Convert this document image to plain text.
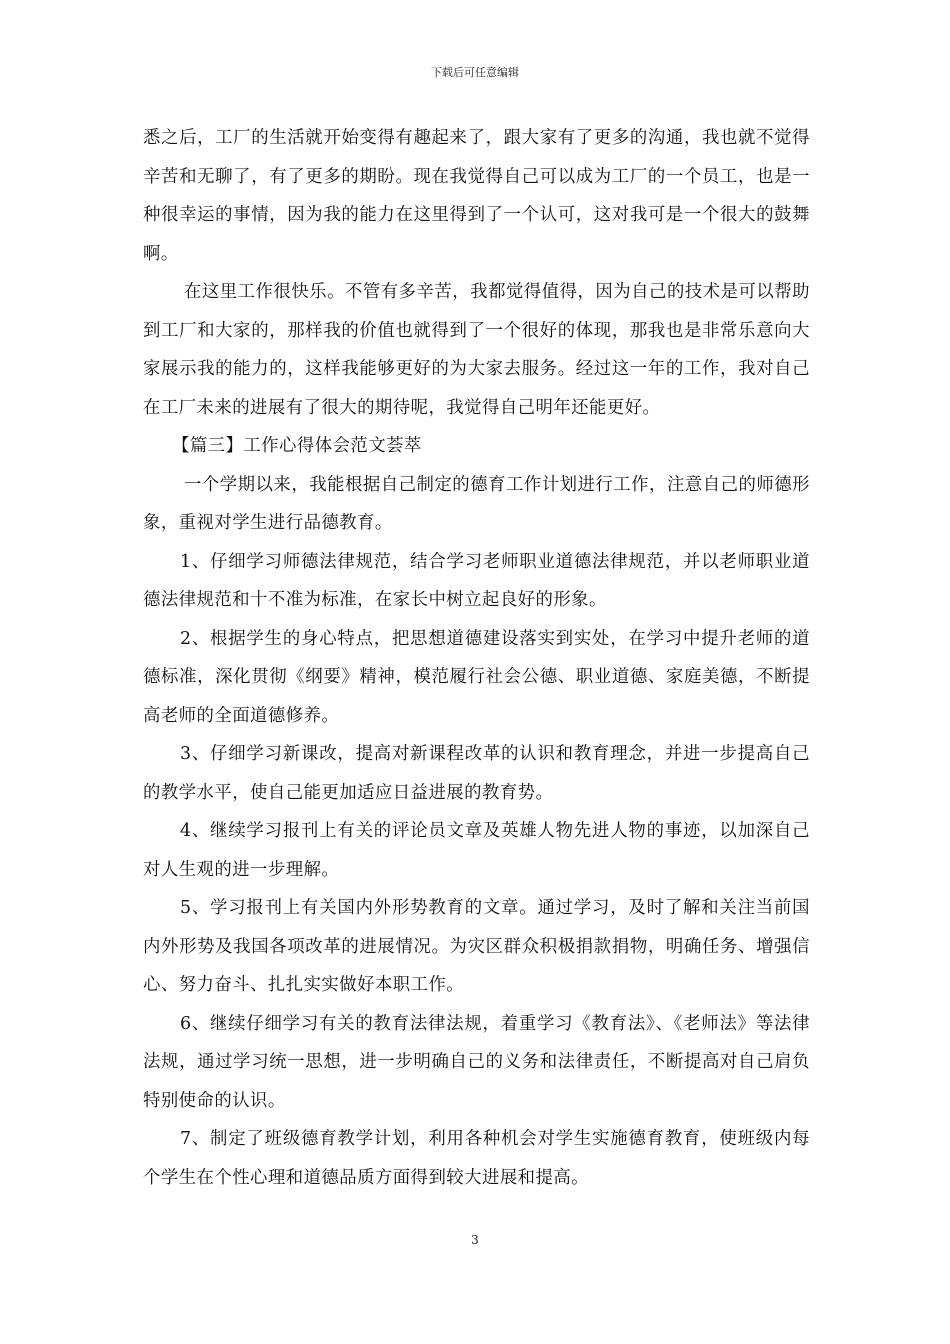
下载后可任意编辑

悉之后，工厂的生活就开始变得有趣起来了，跟大家有了更多的沟通，我也就不觉得辛苦和无聊了，有了更多的期盼。现在我觉得自己可以成为工厂的一个员工，也是一种很幸运的事情，因为我的能力在这里得到了一个认可，这对我可是一个很大的鼓舞啊。

在这里工作很快乐。不管有多辛苦，我都觉得值得，因为自己的技术是可以帮助到工厂和大家的，那样我的价值也就得到了一个很好的体现，那我也是非常乐意向大家展示我的能力的，这样我能够更好的为大家去服务。经过这一年的工作，我对自己在工厂未来的进展有了很大的期待呢，我觉得自己明年还能更好。

【篇三】工作心得体会范文荟萃

一个学期以来，我能根据自己制定的德育工作计划进行工作，注意自己的师德形象，重视对学生进行品德教育。

1、仔细学习师德法律规范，结合学习老师职业道德法律规范，并以老师职业道德法律规范和十不准为标准，在家长中树立起良好的形象。

2、根据学生的身心特点，把思想道德建设落实到实处，在学习中提升老师的道德标准，深化贯彻《纲要》精神，模范履行社会公德、职业道德、家庭美德，不断提高老师的全面道德修养。

3、仔细学习新课改，提高对新课程改革的认识和教育理念，并进一步提高自己的教学水平，使自己能更加适应日益进展的教育势。

4、继续学习报刊上有关的评论员文章及英雄人物先进人物的事迹，以加深自己对人生观的进一步理解。

5、学习报刊上有关国内外形势教育的文章。通过学习，及时了解和关注当前国内外形势及我国各项改革的进展情况。为灾区群众积极捐款捐物，明确任务、增强信心、努力奋斗、扎扎实实做好本职工作。

6、继续仔细学习有关的教育法律法规，着重学习《教育法》、《老师法》等法律法规，通过学习统一思想，进一步明确自己的义务和法律责任，不断提高对自己肩负特别使命的认识。

7、制定了班级德育教学计划，利用各种机会对学生实施德育教育，使班级内每个学生在个性心理和道德品质方面得到较大进展和提高。

3
